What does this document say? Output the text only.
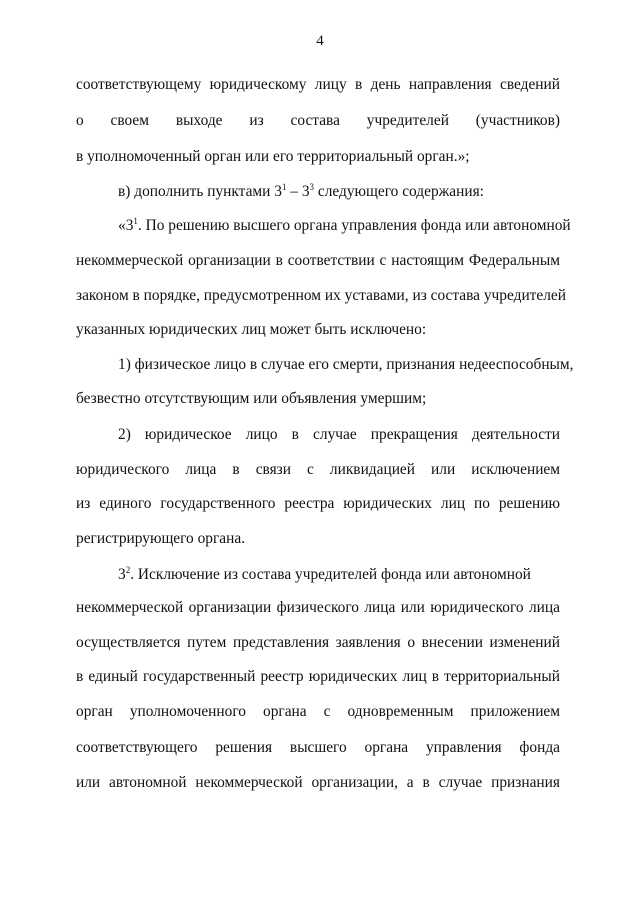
4
соответствующему юридическому лицу в день направления сведений
о своем выходе из состава учредителей (участников)
в уполномоченный орган или его территориальный орган.»;
в) дополнить пунктами $3^1 - 3^3$ следующего содержания:
«$3^1$. По решению высшего органа управления фонда или автономной
некоммерческой организации в соответствии с настоящим Федеральным
законом в порядке, предусмотренном их уставами, из состава учредителей
указанных юридических лиц может быть исключено:
1) физическое лицо в случае его смерти, признания недееспособным,
безвестно отсутствующим или объявления умершим;
2) юридическое лицо в случае прекращения деятельности
юридического лица в связи с ликвидацией или исключением
из единого государственного реестра юридических лиц по решению
регистрирующего органа.
$3^2$. Исключение из состава учредителей фонда или автономной
некоммерческой организации физического лица или юридического лица
осуществляется путем представления заявления о внесении изменений
в единый государственный реестр юридических лиц в территориальный
орган уполномоченного органа с одновременным приложением
соответствующего решения высшего органа управления фонда
или автономной некоммерческой организации, а в случае признания
